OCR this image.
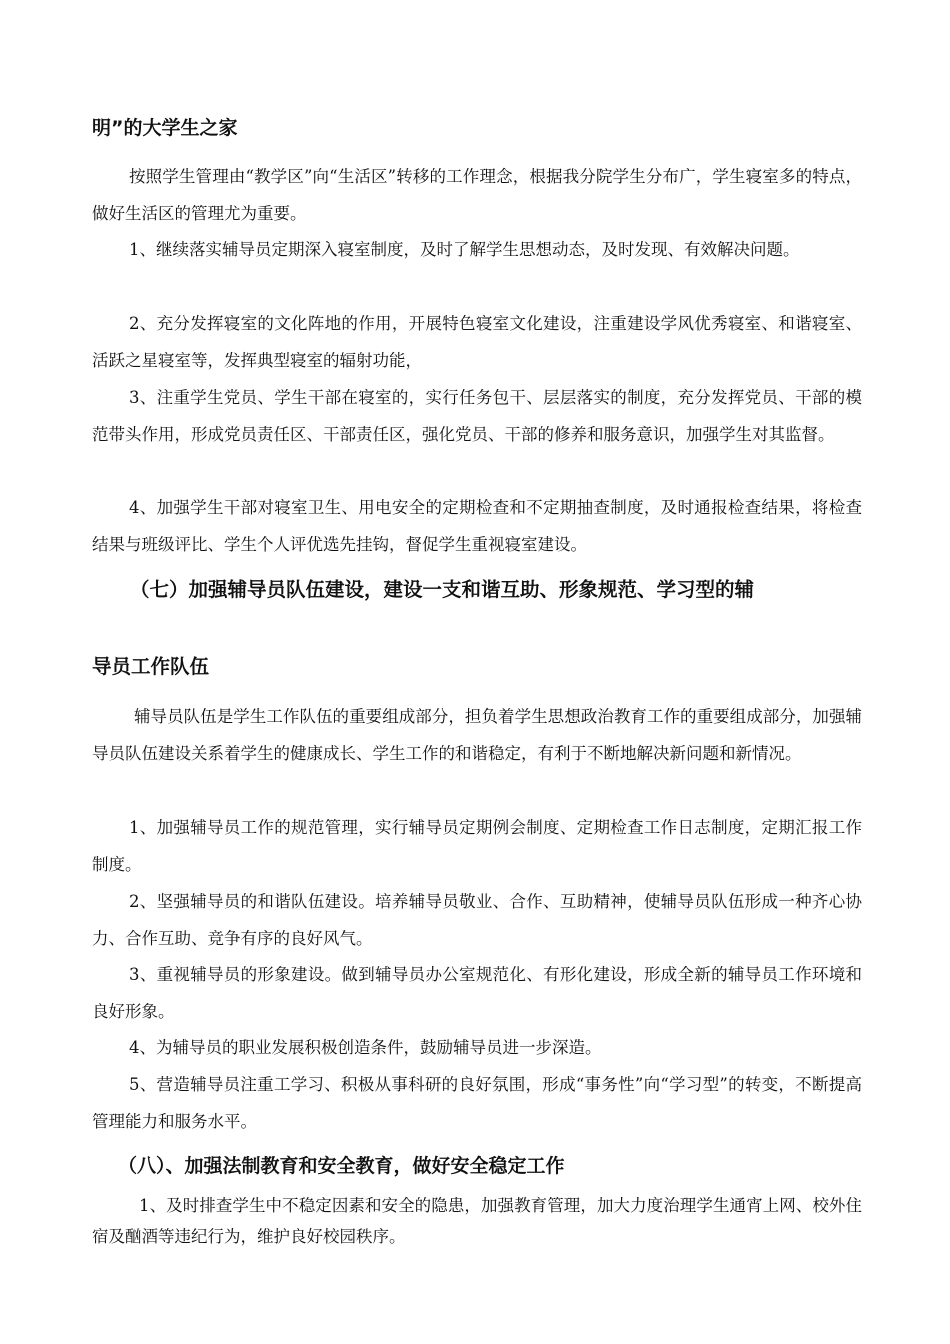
明”的大学生之家

按照学生管理由“教学区”向“生活区”转移的工作理念，根据我分院学生分布广，学生寝室多的特点，做好生活区的管理尤为重要。

1、继续落实辅导员定期深入寝室制度，及时了解学生思想动态，及时发现、有效解决问题。

2、充分发挥寝室的文化阵地的作用，开展特色寝室文化建设，注重建设学风优秀寝室、和谐寝室、活跃之星寝室等，发挥典型寝室的辐射功能，

3、注重学生党员、学生干部在寝室的，实行任务包干、层层落实的制度，充分发挥党员、干部的模范带头作用，形成党员责任区、干部责任区，强化党员、干部的修养和服务意识，加强学生对其监督。

4、加强学生干部对寝室卫生、用电安全的定期检查和不定期抽查制度，及时通报检查结果，将检查结果与班级评比、学生个人评优选先挂钩，督促学生重视寝室建设。

（七）加强辅导员队伍建设，建设一支和谐互助、形象规范、学习型的辅
导员工作队伍

辅导员队伍是学生工作队伍的重要组成部分，担负着学生思想政治教育工作的重要组成部分，加强辅导员队伍建设关系着学生的健康成长、学生工作的和谐稳定，有利于不断地解决新问题和新情况。

1、加强辅导员工作的规范管理，实行辅导员定期例会制度、定期检查工作日志制度，定期汇报工作制度。

2、坚强辅导员的和谐队伍建设。培养辅导员敬业、合作、互助精神，使辅导员队伍形成一种齐心协力、合作互助、竞争有序的良好风气。

3、重视辅导员的形象建设。做到辅导员办公室规范化、有形化建设，形成全新的辅导员工作环境和良好形象。

4、为辅导员的职业发展积极创造条件，鼓励辅导员进一步深造。

5、营造辅导员注重工学习、积极从事科研的良好氛围，形成“事务性”向“学习型”的转变，不断提高管理能力和服务水平。

（八）、加强法制教育和安全教育，做好安全稳定工作

1、及时排查学生中不稳定因素和安全的隐患，加强教育管理，加大力度治理学生通宵上网、校外住宿及酗酒等违纪行为，维护良好校园秩序。
